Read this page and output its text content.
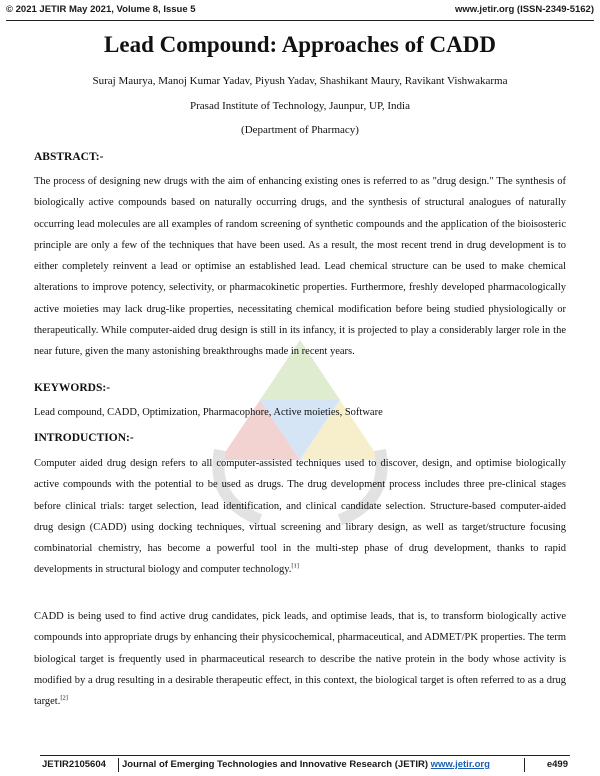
© 2021 JETIR May 2021, Volume 8, Issue 5	www.jetir.org (ISSN-2349-5162)
Lead Compound: Approaches of CADD

Suraj Maurya, Manoj Kumar Yadav, Piyush Yadav, Shashikant Maury, Ravikant Vishwakarma

Prasad Institute of Technology, Jaunpur, UP, India

(Department of Pharmacy)

ABSTRACT:-

The process of designing new drugs with the aim of enhancing existing ones is referred to as "drug design." The synthesis of biologically active compounds based on naturally occurring drugs, and the synthesis of structural analogues of naturally occurring lead molecules are all examples of random screening of synthetic compounds and the application of the bioisosteric principle are only a few of the techniques that have been used. As a result, the most recent trend in drug development is to either completely reinvent a lead or optimise an established lead. Lead chemical structure can be used to make chemical alterations to improve potency, selectivity, or pharmacokinetic properties. Furthermore, freshly developed pharmacologically active moieties may lack drug-like properties, necessitating chemical modification before being studied physiologically or therapeutically. While computer-aided drug design is still in its infancy, it is projected to play a considerably larger role in the near future, given the many astonishing breakthroughs made in recent years.

KEYWORDS:-

Lead compound, CADD, Optimization, Pharmacophore, Active moieties, Software

INTRODUCTION:-

Computer aided drug design refers to all computer-assisted techniques used to discover, design, and optimise biologically active compounds with the potential to be used as drugs. The drug development process includes three pre-clinical stages before clinical trials: target selection, lead identification, and clinical candidate selection. Structure-based computer-aided drug design (CADD) using docking techniques, virtual screening and library design, as well as target/structure focusing combinatorial chemistry, has become a powerful tool in the multi-step phase of drug development, thanks to rapid developments in structural biology and computer technology.[1]

CADD is being used to find active drug candidates, pick leads, and optimise leads, that is, to transform biologically active compounds into appropriate drugs by enhancing their physicochemical, pharmaceutical, and ADMET/PK properties. The term biological target is frequently used in pharmaceutical research to describe the native protein in the body whose activity is modified by a drug resulting in a desirable therapeutic effect, in this context, the biological target is often referred to as a drug target.[2]

JETIR2105604 Journal of Emerging Technologies and Innovative Research (JETIR) www.jetir.org	e499
